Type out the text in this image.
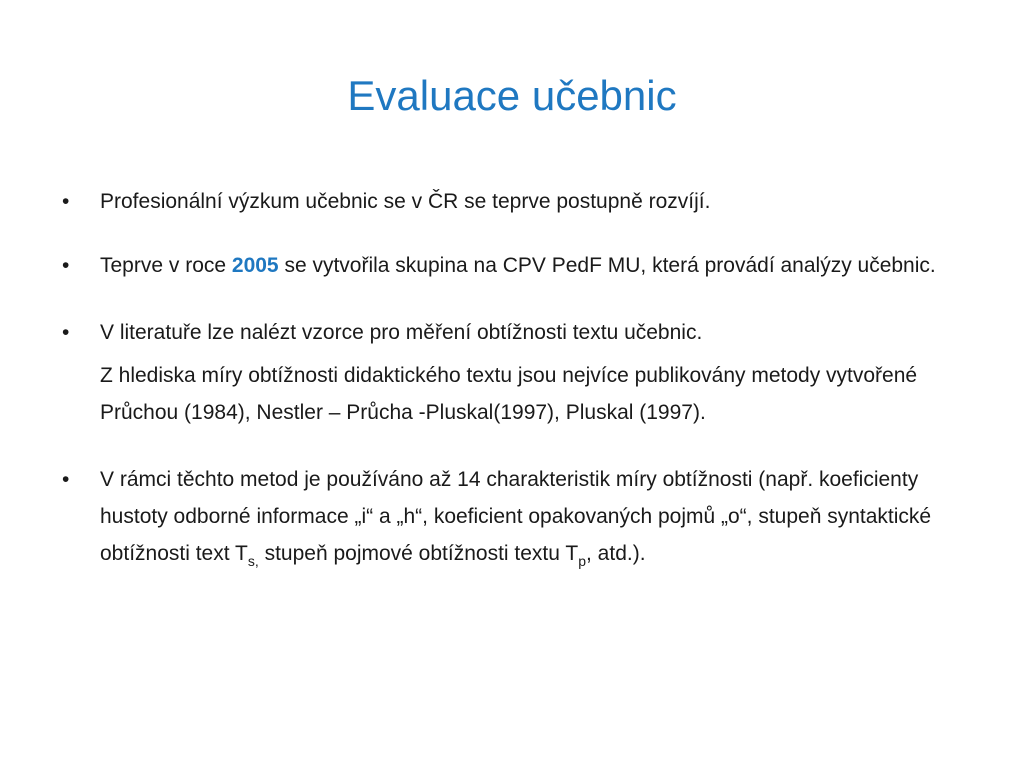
Evaluace učebnic
• Profesionální výzkum učebnic se v ČR se teprve postupně rozvíjí.
• Teprve v roce 2005 se vytvořila skupina na CPV PedF MU, která provádí analýzy učebnic.
• V literatuře lze nalézt vzorce pro měření obtížnosti textu učebnic.
Z hlediska míry obtížnosti didaktického textu jsou nejvíce publikovány metody vytvořené Průchou (1984), Nestler – Průcha -Pluskal(1997), Pluskal (1997).
• V rámci těchto metod je používáno až 14 charakteristik míry obtížnosti (např. koeficienty hustoty odborné informace „i“ a „h“, koeficient opakovaných pojmů „o“, stupeň syntaktické obtížnosti text $T_{s,}$ stupeň pojmové obtížnosti textu $T_p$, atd.).
